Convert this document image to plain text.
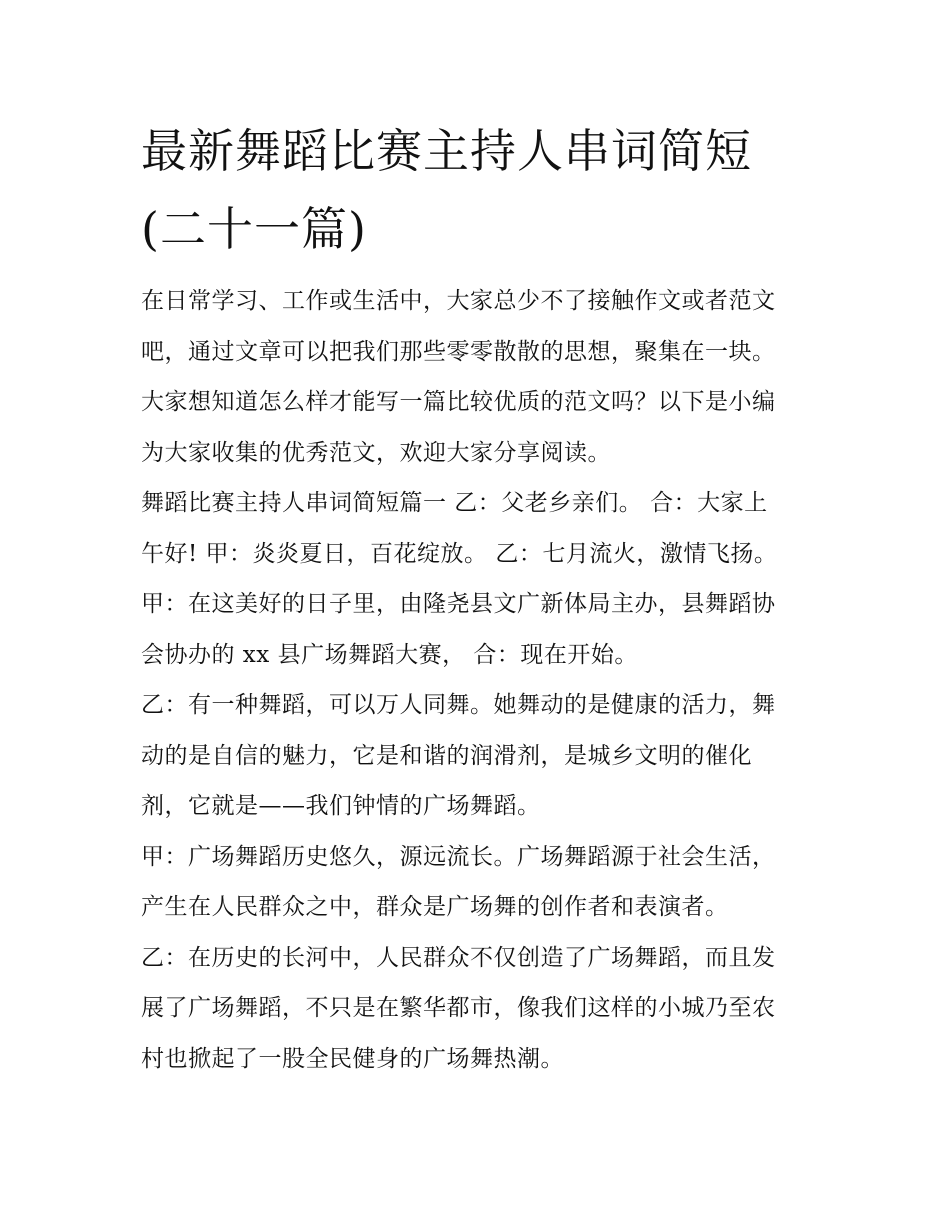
最新舞蹈比赛主持人串词简短
(二十一篇)

在日常学习、工作或生活中，大家总少不了接触作文或者范文
吧，通过文章可以把我们那些零零散散的思想，聚集在一块。
大家想知道怎么样才能写一篇比较优质的范文吗？以下是小编
为大家收集的优秀范文，欢迎大家分享阅读。

舞蹈比赛主持人串词简短篇一 乙：父老乡亲们。 合：大家上
午好! 甲：炎炎夏日，百花绽放。 乙：七月流火，激情飞扬。
甲：在这美好的日子里，由隆尧县文广新体局主办，县舞蹈协
会协办的 xx 县广场舞蹈大赛， 合：现在开始。

乙：有一种舞蹈，可以万人同舞。她舞动的是健康的活力，舞
动的是自信的魅力，它是和谐的润滑剂，是城乡文明的催化
剂，它就是——我们钟情的广场舞蹈。

甲：广场舞蹈历史悠久，源远流长。广场舞蹈源于社会生活，
产生在人民群众之中，群众是广场舞的创作者和表演者。

乙：在历史的长河中，人民群众不仅创造了广场舞蹈，而且发
展了广场舞蹈，不只是在繁华都市，像我们这样的小城乃至农
村也掀起了一股全民健身的广场舞热潮。
